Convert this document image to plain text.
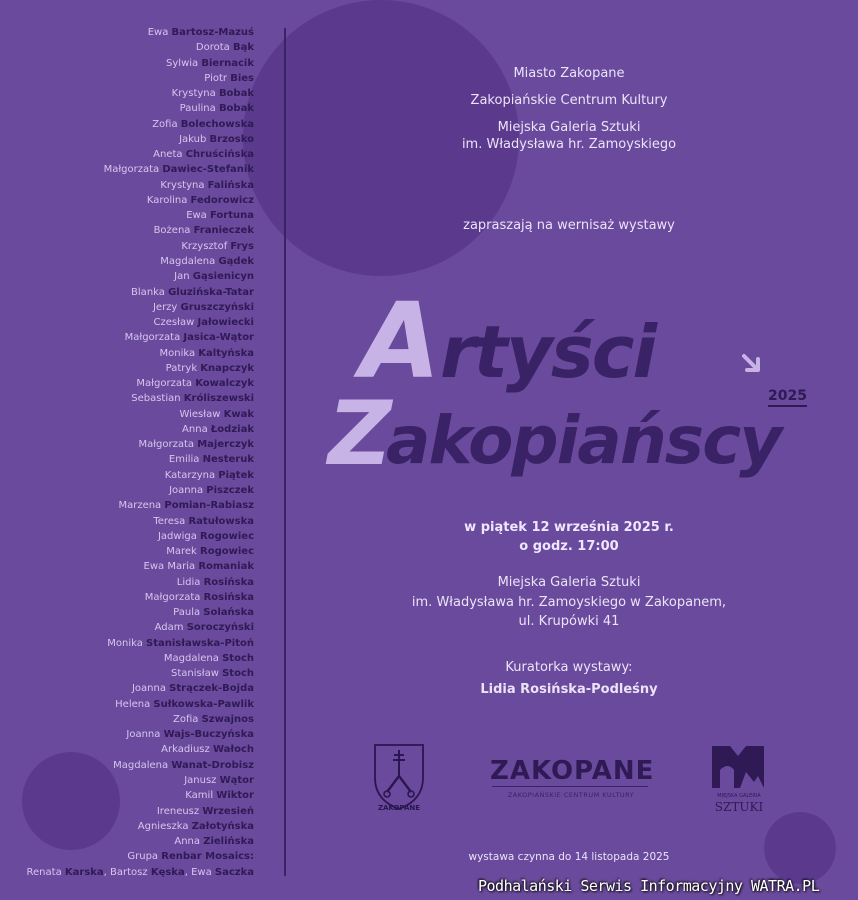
Ewa Bartosz-Mazuś
Dorota Bąk
Sylwia Biernacik
Piotr Bies
Krystyna Bobak
Paulina Bobak
Zofia Bolechowska
Jakub Brzosko
Aneta Chruścińska
Małgorzata Dawiec-Stefanik
Krystyna Falińska
Karolina Fedorowicz
Ewa Fortuna
Bożena Franieczek
Krzysztof Frys
Magdalena Gądek
Jan Gąsienicyn
Blanka Gluzińska-Tatar
Jerzy Gruszczyński
Czesław Jałowiecki
Małgorzata Jasica-Wątor
Monika Kaltyńska
Patryk Knapczyk
Małgorzata Kowalczyk
Sebastian Króliszewski
Wiesław Kwak
Anna Łodziak
Małgorzata Majerczyk
Emilia Nesteruk
Katarzyna Piątek
Joanna Piszczek
Marzena Pomian-Rabiasz
Teresa Ratułowska
Jadwiga Rogowiec
Marek Rogowiec
Ewa Maria Romaniak
Lidia Rosińska
Małgorzata Rosińska
Paula Solańska
Adam Soroczyński
Monika Stanisławska-Pitoń
Magdalena Stoch
Stanisław Stoch
Joanna Strączek-Bojda
Helena Sułkowska-Pawlik
Zofia Szwajnos
Joanna Wajs-Buczyńska
Arkadiusz Wałoch
Magdalena Wanat-Drobisz
Janusz Wątor
Kamil Wiktor
Ireneusz Wrzesień
Agnieszka Załotyńska
Anna Zielińska
Grupa Renbar Mosaics:
Renata Karska, Bartosz Kęska, Ewa Saczka
Miasto Zakopane
Zakopiańskie Centrum Kultury
Miejska Galeria Sztuki
im. Władysława hr. Zamoyskiego
zapraszają na wernisaż wystawy
A rtyści
2025
Z
akopiańscy
w piątek 12 września 2025 r.
o godz. 17:00
Miejska Galeria Sztuki
im. Władysława hr. Zamoyskiego w Zakopanem,
ul. Krupówki 41
Kuratorka wystawy:
Lidia Rosińska-Podleśny
ZAKOPANE
ZAKOPANE
ZAKOPIAŃSKIE CENTRUM KULTURY	MIEJSKA GALERIA
SZTUKI
wystawa czynna do 14 listopada 2025
Podhalański Serwis Informacyjny WATRA.PL
